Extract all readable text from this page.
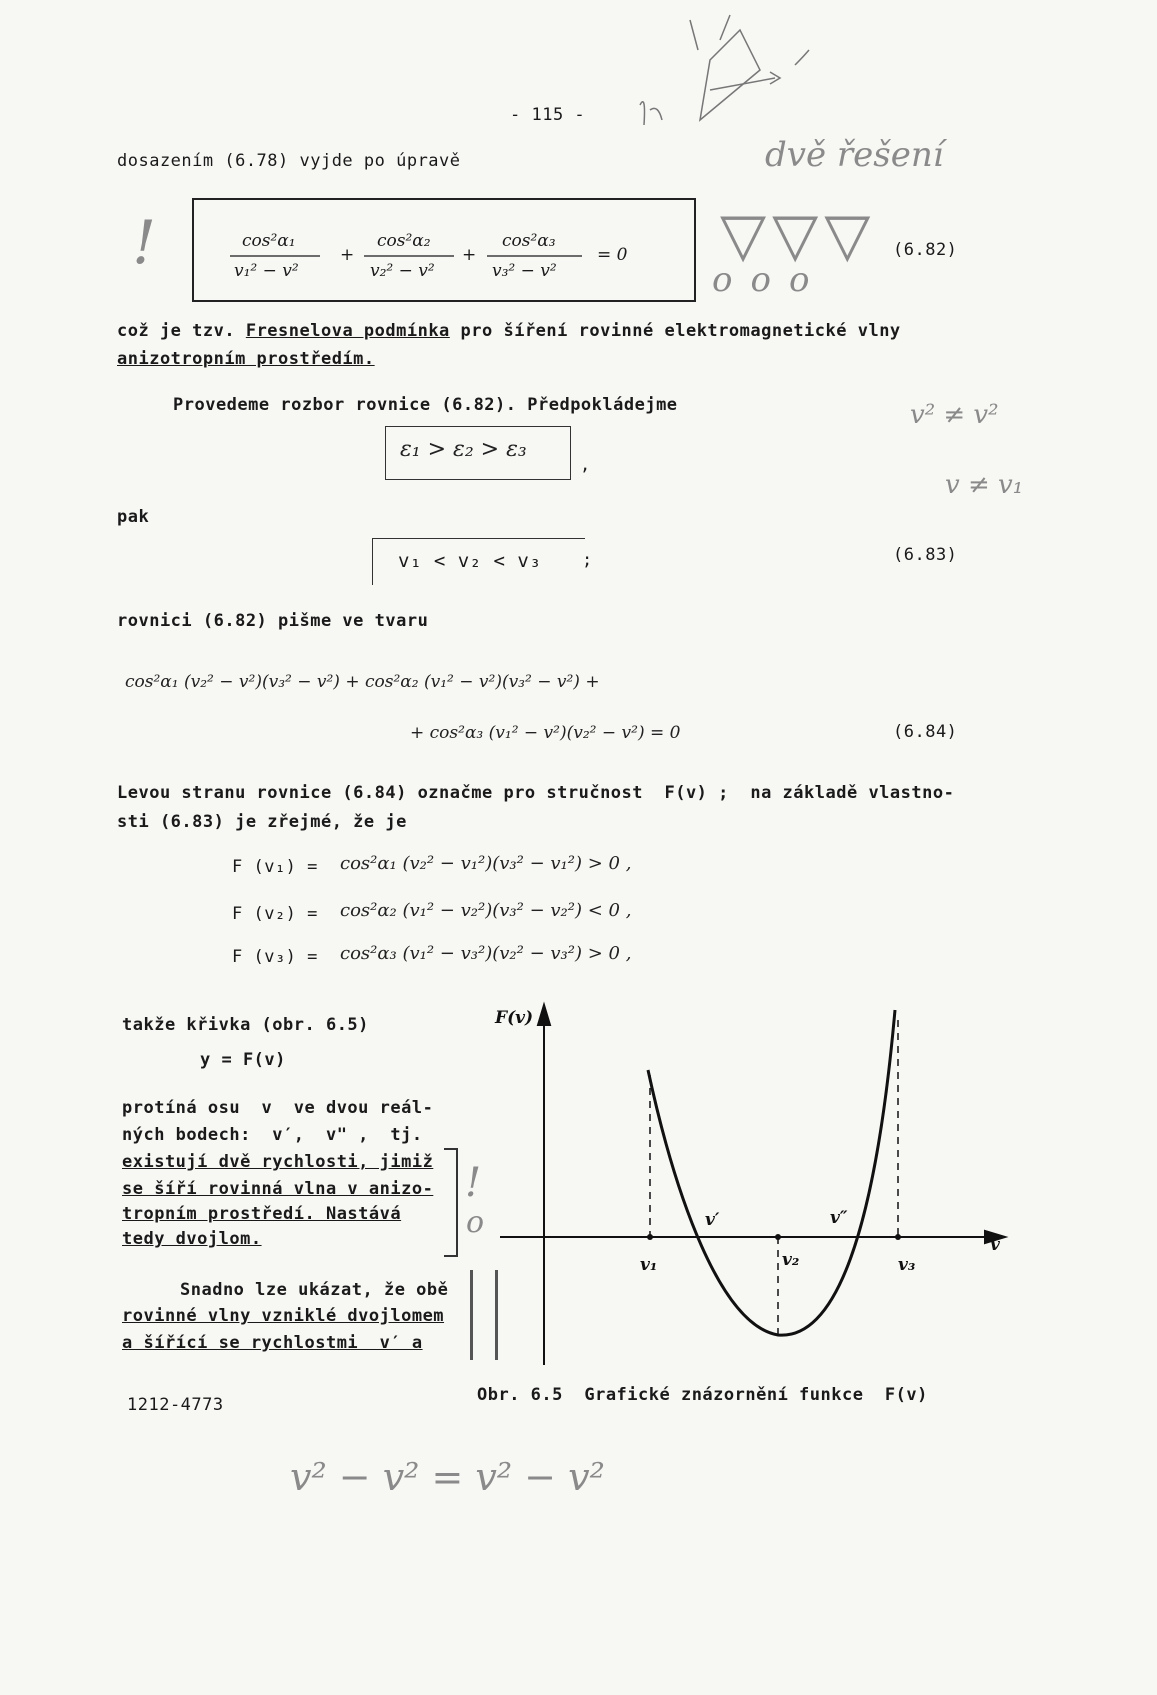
- 115 -
dosazením (6.78) vyjde po úpravě	dvě řešení
!	cos²α₁
v₁² − v²
+
cos²α₂
v₂² − v²
+
cos²α₃
v₃² − v²
= 0 ▽▽▽
ooo
(6.82)
což je tzv. Fresnelova podmínka pro šíření rovinné elektromagnetické vlny
anizotropním prostředím.
Provedeme rozbor rovnice (6.82). Předpokládejme	v² ≠ v²
ε₁ > ε₂ > ε₃
,
v ≠ v₁
pak
v₁ < v₂ < v₃ ;	(6.83)
rovnici (6.82) pišme ve tvaru
cos²α₁ (v₂² − v²)(v₃² − v²) + cos²α₂ (v₁² − v²)(v₃² − v²) +
+ cos²α₃ (v₁² − v²)(v₂² − v²) = 0	(6.84)
Levou stranu rovnice (6.84) označme pro stručnost  F(v) ;  na základě vlastno-
sti (6.83) je zřejmé, že je
F (v₁) = cos²α₁ (v₂² − v₁²)(v₃² − v₁²) > 0 ,
F (v₂) = cos²α₂ (v₁² − v₂²)(v₃² − v₂²) < 0 ,
F (v₃) = cos²α₃ (v₁² − v₃²)(v₂² − v₃²) > 0 ,
takže křivka (obr. 6.5)
y = F(v)
protíná osu  v  ve dvou reál-
ných bodech:  v′,  v" ,  tj.
existují dvě rychlosti, jimiž
se šíří rovinná vlna v anizo-
tropním prostředí. Nastává
tedy dvojlom.
!
o
Snadno lze ukázat, že obě
rovinné vlny vzniklé dvojlomem
a šířící se rychlostmi  v′ a
F(v)
v
v₁	v₂	v₃
v′	v″
1212-4773	Obr. 6.5  Grafické znázornění funkce  F(v)
v² − v² = v² − v²
